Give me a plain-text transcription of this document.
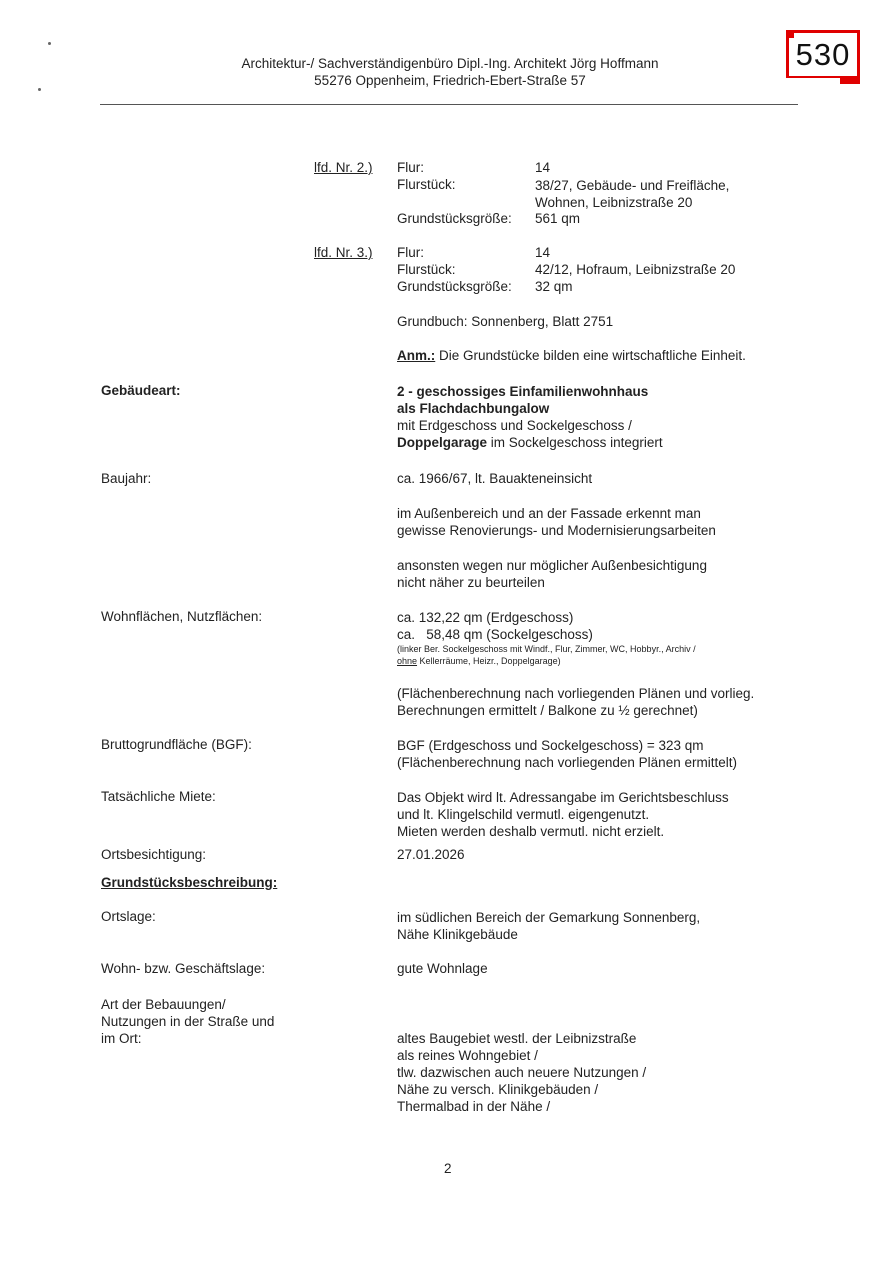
Architektur-/ Sachverständigenbüro Dipl.-Ing. Architekt Jörg Hoffmann
55276 Oppenheim, Friedrich-Ebert-Straße 57
530
lfd. Nr. 2.) Flur:	14
Flurstück:	38/27, Gebäude- und Freifläche,
Wohnen, Leibnizstraße 20
Grundstücksgröße: 561 qm
lfd. Nr. 3.) Flur:	14
Flurstück:	42/12, Hofraum, Leibnizstraße 20
Grundstücksgröße: 32 qm
Grundbuch: Sonnenberg, Blatt 2751
Anm.: Die Grundstücke bilden eine wirtschaftliche Einheit.
Gebäudeart:	2 - geschossiges Einfamilienwohnhaus
als Flachdachbungalow
mit Erdgeschoss und Sockelgeschoss /
Doppelgarage im Sockelgeschoss integriert
Baujahr:	ca. 1966/67, lt. Bauakteneinsicht
im Außenbereich und an der Fassade erkennt man
gewisse Renovierungs- und Modernisierungsarbeiten
ansonsten wegen nur möglicher Außenbesichtigung
nicht näher zu beurteilen
Wohnflächen, Nutzflächen:	ca. 132,22 qm (Erdgeschoss)
ca.   58,48 qm (Sockelgeschoss)
(linker Ber. Sockelgeschoss mit Windf., Flur, Zimmer, WC, Hobbyr., Archiv /
ohne Kellerräume, Heizr., Doppelgarage)
(Flächenberechnung nach vorliegenden Plänen und vorlieg.
Berechnungen ermittelt / Balkone zu ½ gerechnet)
Bruttogrundfläche (BGF):	BGF (Erdgeschoss und Sockelgeschoss) = 323 qm
(Flächenberechnung nach vorliegenden Plänen ermittelt)
Tatsächliche Miete:	Das Objekt wird lt. Adressangabe im Gerichtsbeschluss
und lt. Klingelschild vermutl. eigengenutzt.
Mieten werden deshalb vermutl. nicht erzielt.
Ortsbesichtigung:	27.01.2026
Grundstücksbeschreibung:
Ortslage:	im südlichen Bereich der Gemarkung Sonnenberg,
Nähe Klinikgebäude
Wohn- bzw. Geschäftslage:	gute Wohnlage
Art der Bebauungen/
Nutzungen in der Straße und
im Ort:	altes Baugebiet westl. der Leibnizstraße
als reines Wohngebiet /
tlw. dazwischen auch neuere Nutzungen /
Nähe zu versch. Klinikgebäuden /
Thermalbad in der Nähe /
2
